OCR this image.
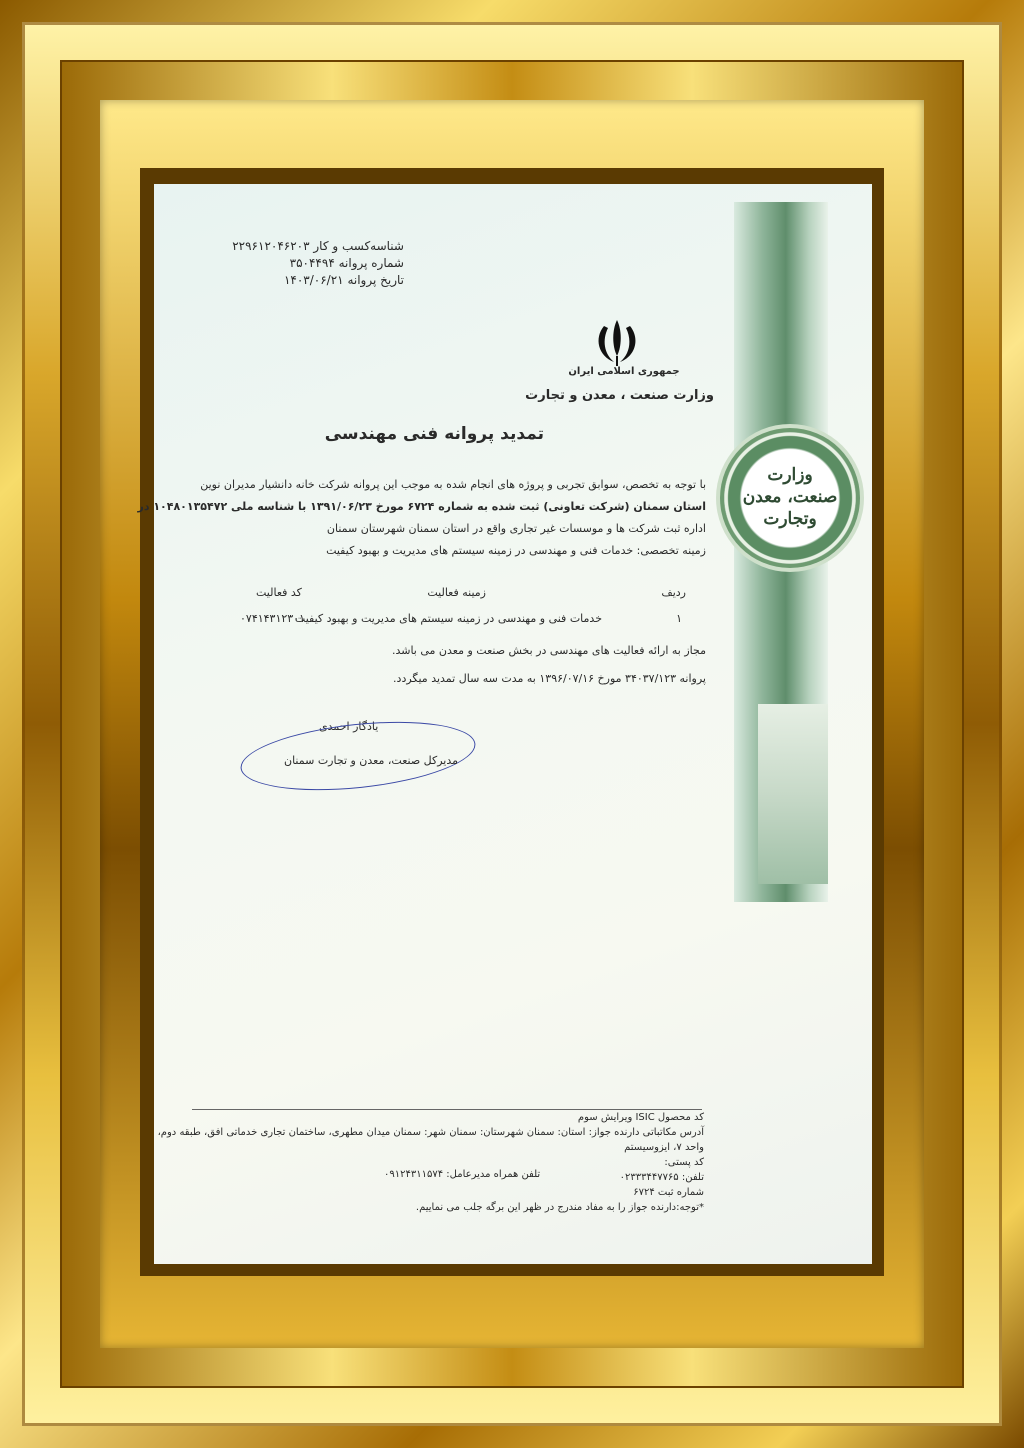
وزارت
صنعت، معدن
وتجارت
شناسه‌کسب و کار ۲۲۹۶۱۲۰۴۶۲۰۳
شماره پروانه ۳۵۰۴۴۹۴
تاریخ پروانه ۱۴۰۳/۰۶/۲۱
جمهوری اسلامی ایران
وزارت صنعت ، معدن و تجارت
تمدید پروانه فنی مهندسی
با توجه به تخصص، سوابق تجربی و پروژه های انجام شده به موجب این پروانه شرکت خانه دانشیار مدیران نوین
استان سمنان (شرکت تعاونی) ثبت شده به شماره ۶۷۲۴ مورخ ۱۳۹۱/۰۶/۲۳ با شناسه ملی ۱۰۴۸۰۱۳۵۴۷۲ در
اداره ثبت شرکت ها و موسسات غیر تجاری واقع در استان سمنان شهرستان سمنان
زمینه تخصصی: خدمات فنی و مهندسی در زمینه سیستم های مدیریت و بهبود کیفیت
ردیف
زمینه فعالیت
کد فعالیت
۱
خدمات فنی و مهندسی در زمینه سیستم های مدیریت و بهبود کیفیت
۰۷۴۱۴۳۱۲۳۰۱
مجاز به ارائه فعالیت های مهندسی در بخش صنعت و معدن می باشد.
پروانه ۳۴۰۳۷/۱۲۳ مورخ ۱۳۹۶/۰۷/۱۶ به مدت سه سال تمدید میگردد.
یادگار احمدی
مدیرکل صنعت، معدن و تجارت سمنان
کد محصول ISIC ویرایش سوم
آدرس مکاتباتی دارنده جواز: استان: سمنان شهرستان: سمنان شهر: سمنان میدان مطهری، ساختمان تجاری خدماتی افق، طبقه دوم،
واحد ۷، ایزوسیستم
کد پستی:
تلفن: ۰۲۳۳۳۴۴۷۷۶۵
شماره ثبت ۶۷۲۴
*توجه:دارنده جواز را به مفاد مندرج در ظهر این برگه جلب می نماییم.
تلفن همراه مدیرعامل: ۰۹۱۲۴۳۱۱۵۷۴
